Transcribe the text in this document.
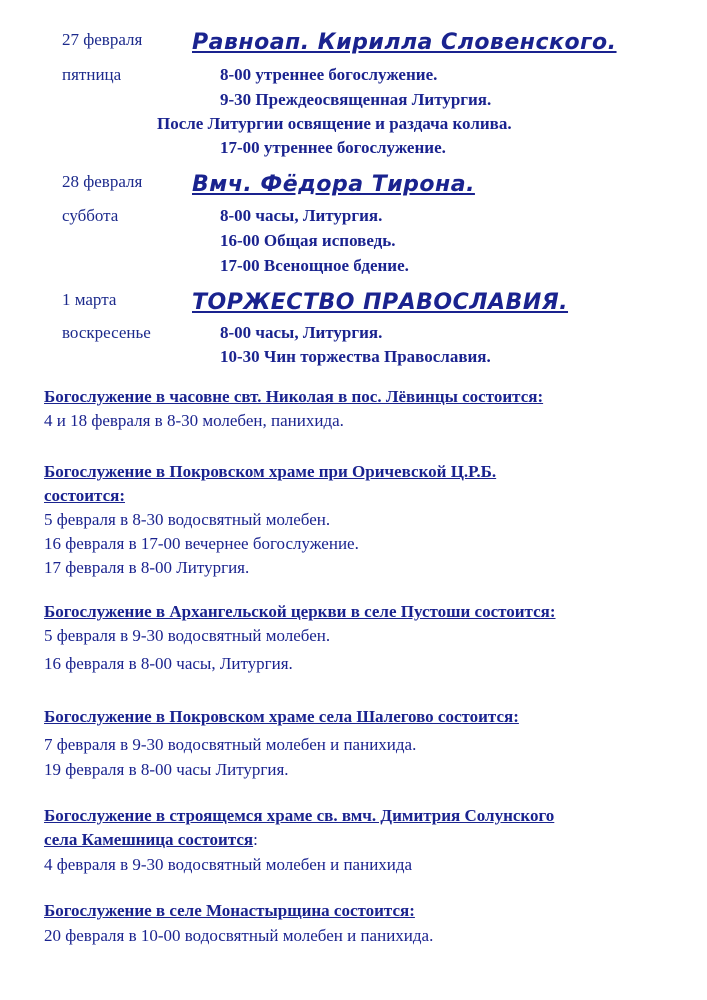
27 февраля Равноап. Кирилла Словенского.
пятница	8-00 утреннее богослужение.
9-30 Преждеосвященная Литургия.
После Литургии освящение и раздача колива.
17-00 утреннее богослужение.
28 февраля Вмч. Фёдора Тирона.
суббота	8-00 часы, Литургия.
16-00 Общая исповедь.
17-00 Всенощное бдение.
1 марта	ТОРЖЕСТВО ПРАВОСЛАВИЯ.
воскресенье	8-00 часы, Литургия.
10-30 Чин торжества Православия.
Богослужение в часовне свт. Николая в пос. Лёвинцы состоится:
4 и 18 февраля в 8-30 молебен, панихида.
Богослужение в Покровском храме при Оричевской Ц.Р.Б.
состоится:
5 февраля в 8-30 водосвятный молебен.
16 февраля в 17-00 вечернее богослужение.
17 февраля в 8-00 Литургия.
Богослужение в Архангельской церкви в селе Пустоши состоится:
5 февраля в 9-30 водосвятный молебен.
16 февраля в 8-00 часы, Литургия.
Богослужение в Покровском храме села Шалегово состоится:
7 февраля в 9-30 водосвятный молебен и панихида.
19 февраля в 8-00 часы Литургия.
Богослужение в строящемся храме св. вмч. Димитрия Солунского
села Камешница состоится:
4 февраля в 9-30 водосвятный молебен и панихида
Богослужение в селе Монастырщина состоится:
20 февраля в 10-00 водосвятный молебен и панихида.
